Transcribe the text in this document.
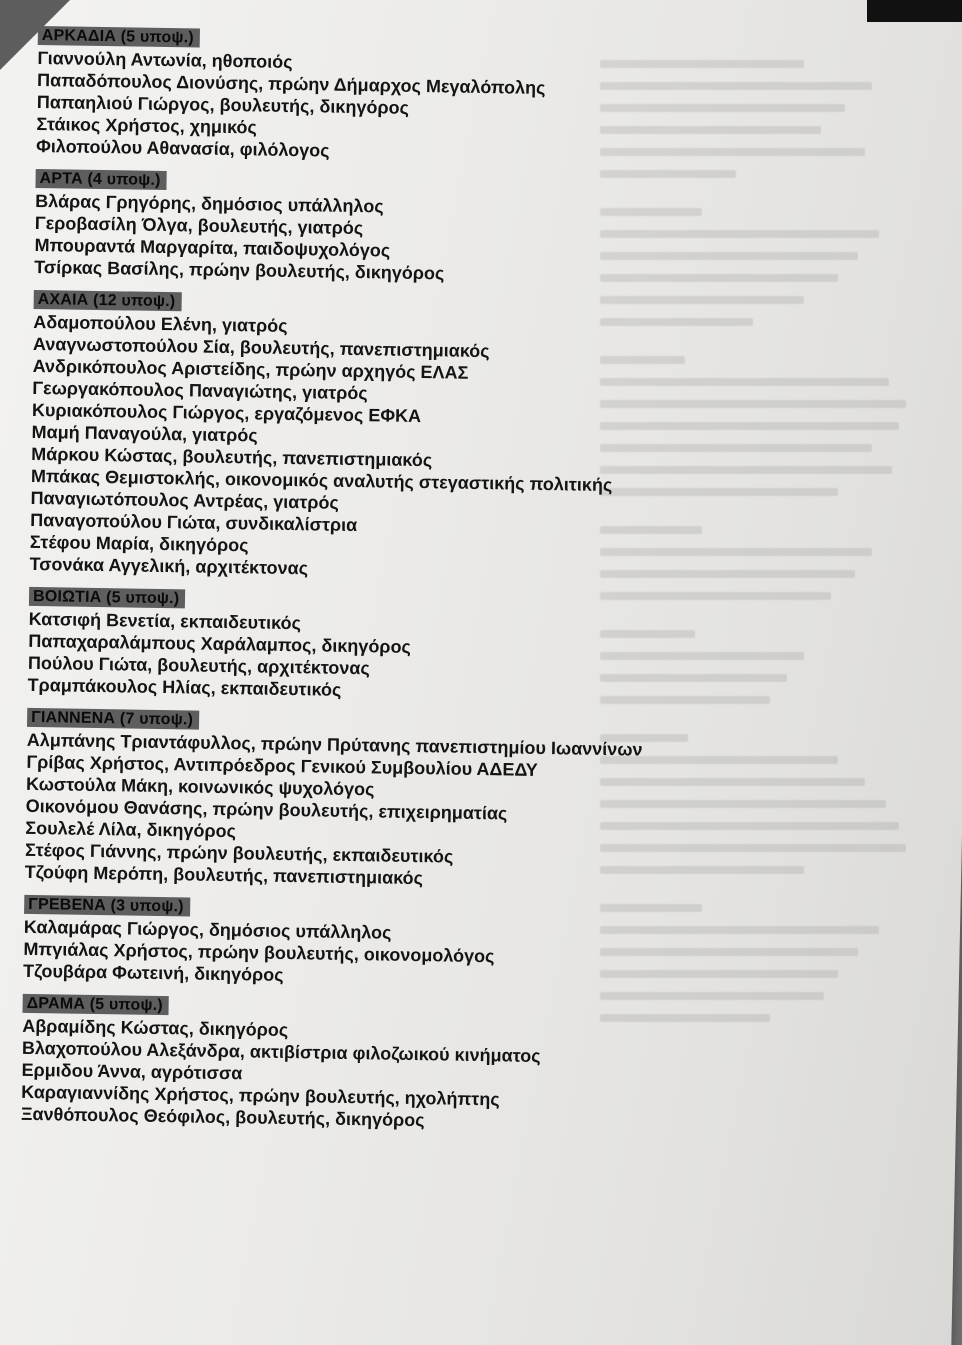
ΑΡΚΑΔΙΑ (5 υποψ.)
Γιαννούλη Αντωνία, ηθοποιός
Παπαδόπουλος Διονύσης, πρώην Δήμαρχος Μεγαλόπολης
Παπαηλιού Γιώργος, βουλευτής, δικηγόρος
Στάικος Χρήστος, χημικός
Φιλοπούλου Αθανασία, φιλόλογος
ΑΡΤΑ (4 υποψ.)
Βλάρας Γρηγόρης, δημόσιος υπάλληλος
Γεροβασίλη Όλγα, βουλευτής, γιατρός
Μπουραντά Μαργαρίτα, παιδοψυχολόγος
Τσίρκας Βασίλης, πρώην βουλευτής, δικηγόρος
ΑΧΑΙΑ (12 υποψ.)
Αδαμοπούλου Ελένη, γιατρός
Αναγνωστοπούλου Σία, βουλευτής, πανεπιστημιακός
Ανδρικόπουλος Αριστείδης, πρώην αρχηγός ΕΛΑΣ
Γεωργακόπουλος Παναγιώτης, γιατρός
Κυριακόπουλος Γιώργος, εργαζόμενος ΕΦΚΑ
Μαμή Παναγούλα, γιατρός
Μάρκου Κώστας, βουλευτής, πανεπιστημιακός
Μπάκας Θεμιστοκλής, οικονομικός αναλυτής στεγαστικής πολιτικής
Παναγιωτόπουλος Αντρέας, γιατρός
Παναγοπούλου Γιώτα, συνδικαλίστρια
Στέφου Μαρία, δικηγόρος
Τσονάκα Αγγελική, αρχιτέκτονας
ΒΟΙΩΤΙΑ (5 υποψ.)
Κατσιφή Βενετία, εκπαιδευτικός
Παπαχαραλάμπους Χαράλαμπος, δικηγόρος
Πούλου Γιώτα, βουλευτής, αρχιτέκτονας
Τραμπάκουλος Ηλίας, εκπαιδευτικός
ΓΙΑΝΝΕΝΑ (7 υποψ.)
Αλμπάνης Τριαντάφυλλος, πρώην Πρύτανης πανεπιστημίου Ιωαννίνων
Γρίβας Χρήστος, Αντιπρόεδρος Γενικού Συμβουλίου ΑΔΕΔΥ
Κωστούλα Μάκη, κοινωνικός ψυχολόγος
Οικονόμου Θανάσης, πρώην βουλευτής, επιχειρηματίας
Σουλελέ Λίλα, δικηγόρος
Στέφος Γιάννης, πρώην βουλευτής, εκπαιδευτικός
Τζούφη Μερόπη, βουλευτής, πανεπιστημιακός
ΓΡΕΒΕΝΑ (3 υποψ.)
Καλαμάρας Γιώργος, δημόσιος υπάλληλος
Μπγιάλας Χρήστος, πρώην βουλευτής, οικονομολόγος
Τζουβάρα Φωτεινή, δικηγόρος
ΔΡΑΜΑ (5 υποψ.)
Αβραμίδης Κώστας, δικηγόρος
Βλαχοπούλου Αλεξάνδρα, ακτιβίστρια φιλοζωικού κινήματος
Ερμιδου Άννα, αγρότισσα
Καραγιαννίδης Χρήστος, πρώην βουλευτής, ηχολήπτης
Ξανθόπουλος Θεόφιλος, βουλευτής, δικηγόρος
